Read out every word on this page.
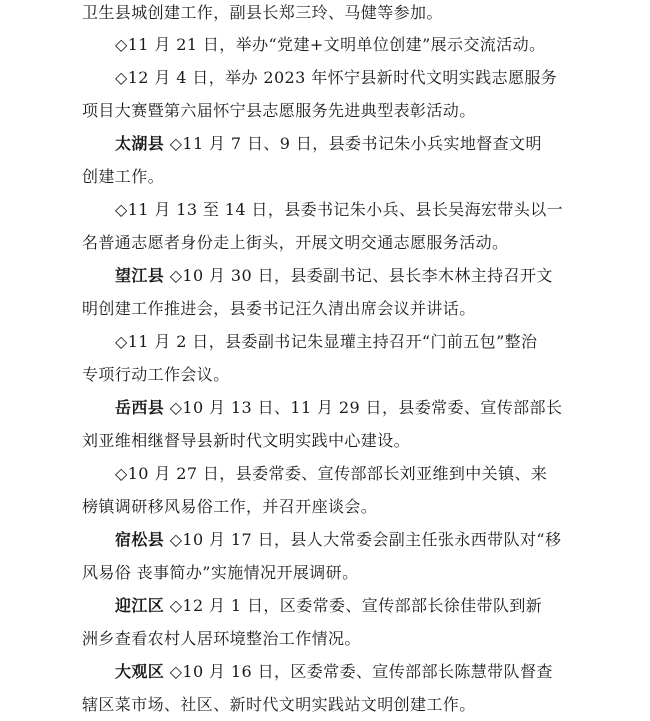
卫生县城创建工作，副县长郑三玲、马健等参加。
◇11 月 21 日，举办“党建+文明单位创建”展示交流活动。
◇12 月 4 日，举办 2023 年怀宁县新时代文明实践志愿服务
项目大赛暨第六届怀宁县志愿服务先进典型表彰活动。
太湖县 ◇11 月 7 日、9 日，县委书记朱小兵实地督查文明
创建工作。
◇11 月 13 至 14 日，县委书记朱小兵、县长吴海宏带头以一
名普通志愿者身份走上街头，开展文明交通志愿服务活动。
望江县 ◇10 月 30 日，县委副书记、县长李木林主持召开文
明创建工作推进会，县委书记汪久清出席会议并讲话。
◇11 月 2 日，县委副书记朱显瓘主持召开“门前五包”整治
专项行动工作会议。
岳西县 ◇10 月 13 日、11 月 29 日，县委常委、宣传部部长
刘亚维相继督导县新时代文明实践中心建设。
◇10 月 27 日，县委常委、宣传部部长刘亚维到中关镇、来
榜镇调研移风易俗工作，并召开座谈会。
宿松县 ◇10 月 17 日，县人大常委会副主任张永西带队对“移
风易俗 丧事简办”实施情况开展调研。
迎江区 ◇12 月 1 日，区委常委、宣传部部长徐佳带队到新
洲乡查看农村人居环境整治工作情况。
大观区 ◇10 月 16 日，区委常委、宣传部部长陈慧带队督查
辖区菜市场、社区、新时代文明实践站文明创建工作。
